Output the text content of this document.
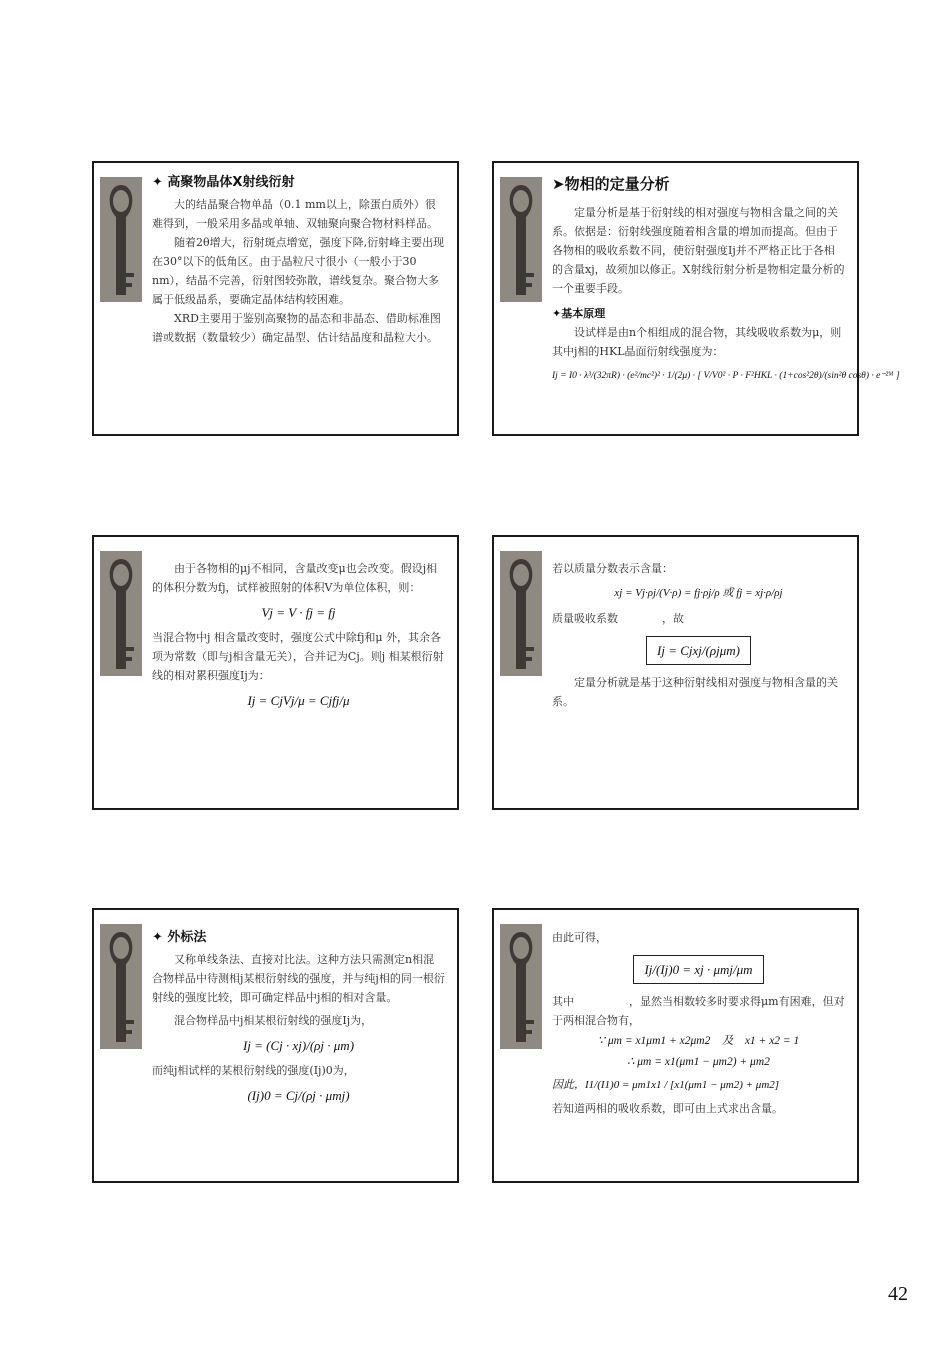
✦ 高聚物晶体X射线衍射

大的结晶聚合物单晶（0.1 mm以上，除蛋白质外）很难得到，一般采用多晶或单轴、双轴聚向聚合物材料样品。

随着2θ增大，衍射斑点增宽，强度下降,衍射峰主要出现在30°以下的低角区。由于晶粒尺寸很小（一般小于30 nm），结晶不完善，衍射图较弥散，谱线复杂。聚合物大多属于低级晶系，要确定晶体结构较困难。

XRD主要用于鉴别高聚物的晶态和非晶态、借助标准图谱或数据（数量较少）确定晶型、估计结晶度和晶粒大小。

➤物相的定量分析

定量分析是基于衍射线的相对强度与物相含量之间的关系。依据是：衍射线强度随着相含量的增加而提高。但由于各物相的吸收系数不同，使衍射强度Ij并不严格正比于各相的含量xj，故须加以修正。X射线衍射分析是物相定量分析的一个重要手段。

✦基本原理

设试样是由n个相组成的混合物，其线吸收系数为μ，则其中j相的HKL晶面衍射线强度为：

Ij = I0 · λ³/(32πR) · (e²/mc²)² · 1/(2μ) · [ V/V0² · P · F²HKL · (1+cos²2θ)/(sin²θ cosθ) · e⁻²ᴹ ]

由于各物相的μj不相同，含量改变μ也会改变。假设j相的体积分数为fj，试样被照射的体积V为单位体积，则：

Vj = V · fj = fj

当混合物中j 相含量改变时，强度公式中除fj和μ 外，其余各项为常数（即与j相含量无关），合并记为Cj。则j 相某根衍射线的相对累积强度Ij为：

Ij = CjVj/μ = Cjfj/μ

若以质量分数表示含量：

xj = Vj·ρj/(V·ρ) = fj·ρj/ρ 或 fj = xj·ρ/ρj

质量吸收系数　　　　，故

Ij = Cjxj/(ρjμm)

定量分析就是基于这种衍射线相对强度与物相含量的关系。

✦ 外标法

又称单线条法、直接对比法。这种方法只需测定n相混合物样品中待测相j某根衍射线的强度，并与纯j相的同一根衍射线的强度比较，即可确定样品中j相的相对含量。

混合物样品中j相某根衍射线的强度Ij为，

Ij = (Cj · xj)/(ρj · μm)

而纯j相试样的某根衍射线的强度(Ij)0为，

(Ij)0 = Cj/(ρj · μmj)

由此可得，

Ij/(Ij)0 = xj · μmj/μm

其中　　　　　，显然当相数较多时要求得μm有困难，但对于两相混合物有，

∵ μm = x1μm1 + x2μm2　及　x1 + x2 = 1
∴ μm = x1(μm1 − μm2) + μm2
因此，I1/(I1)0 = μm1x1 / [x1(μm1 − μm2) + μm2]

若知道两相的吸收系数，即可由上式求出含量。

42
